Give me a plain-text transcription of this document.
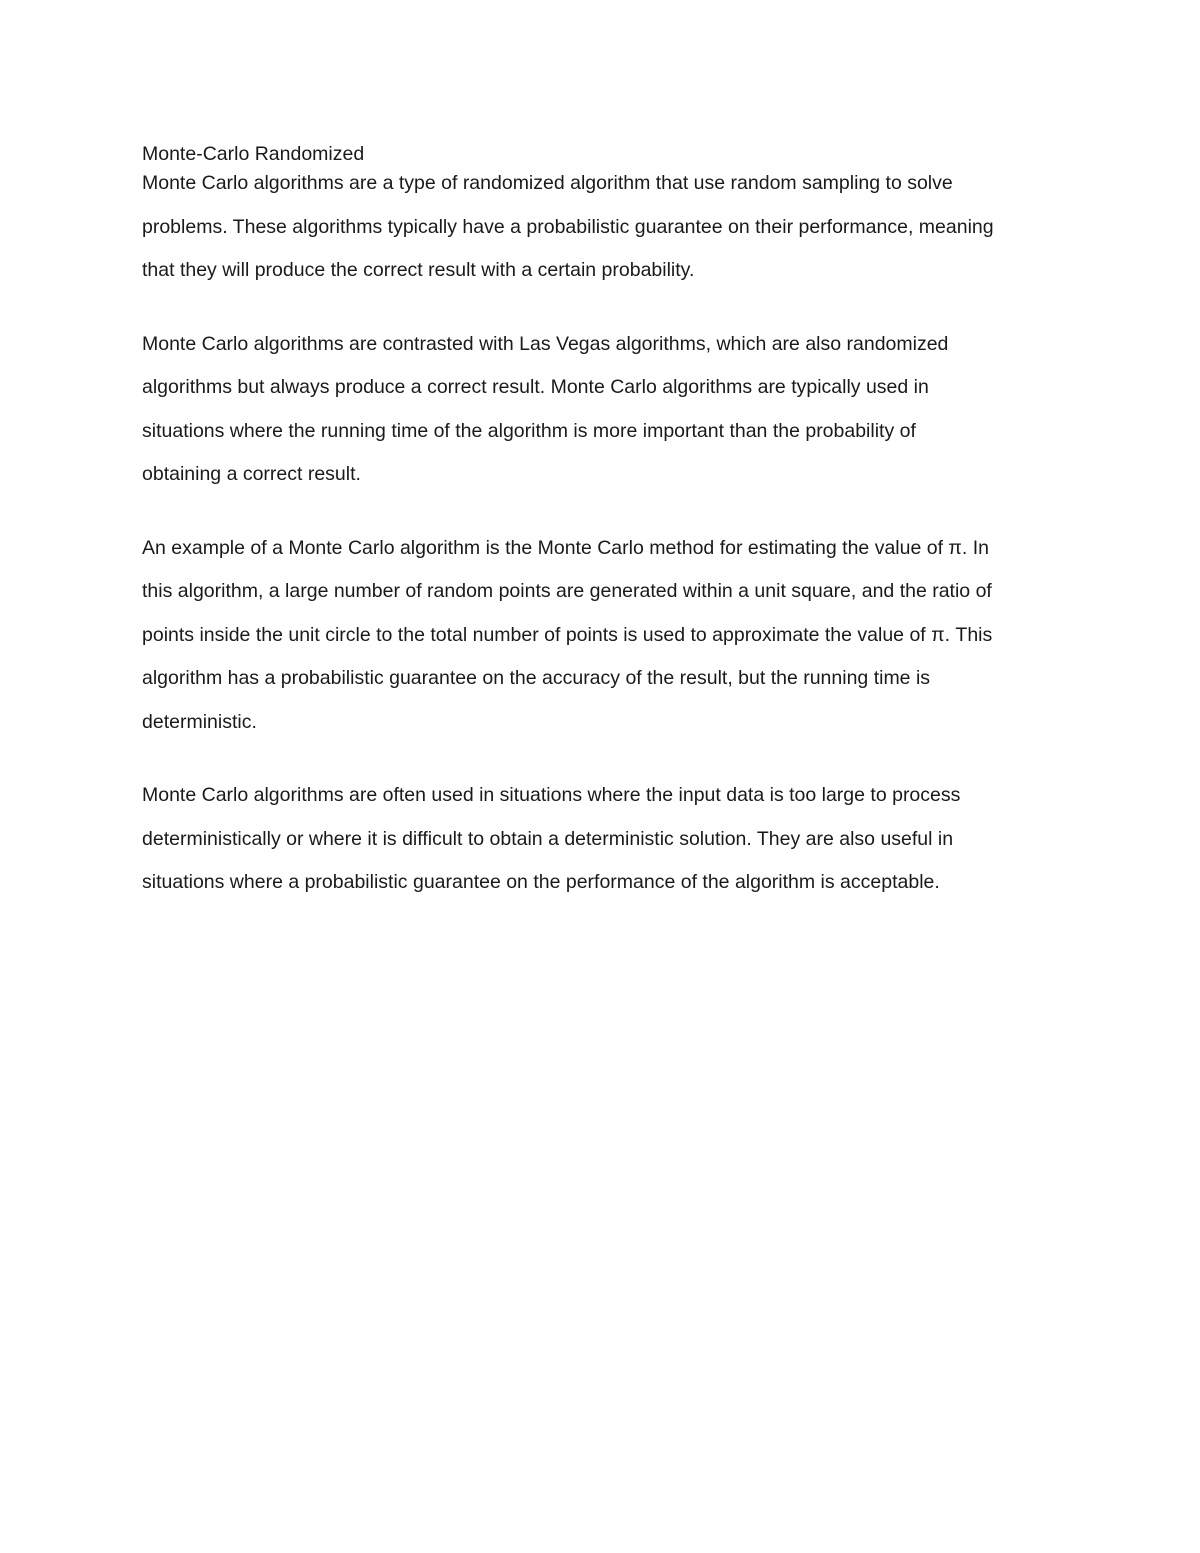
Monte-Carlo Randomized

Monte Carlo algorithms are a type of randomized algorithm that use random sampling to solve
problems. These algorithms typically have a probabilistic guarantee on their performance, meaning
that they will produce the correct result with a certain probability.

Monte Carlo algorithms are contrasted with Las Vegas algorithms, which are also randomized
algorithms but always produce a correct result. Monte Carlo algorithms are typically used in
situations where the running time of the algorithm is more important than the probability of
obtaining a correct result.

An example of a Monte Carlo algorithm is the Monte Carlo method for estimating the value of π. In
this algorithm, a large number of random points are generated within a unit square, and the ratio of
points inside the unit circle to the total number of points is used to approximate the value of π. This
algorithm has a probabilistic guarantee on the accuracy of the result, but the running time is
deterministic.

Monte Carlo algorithms are often used in situations where the input data is too large to process
deterministically or where it is difficult to obtain a deterministic solution. They are also useful in
situations where a probabilistic guarantee on the performance of the algorithm is acceptable.
